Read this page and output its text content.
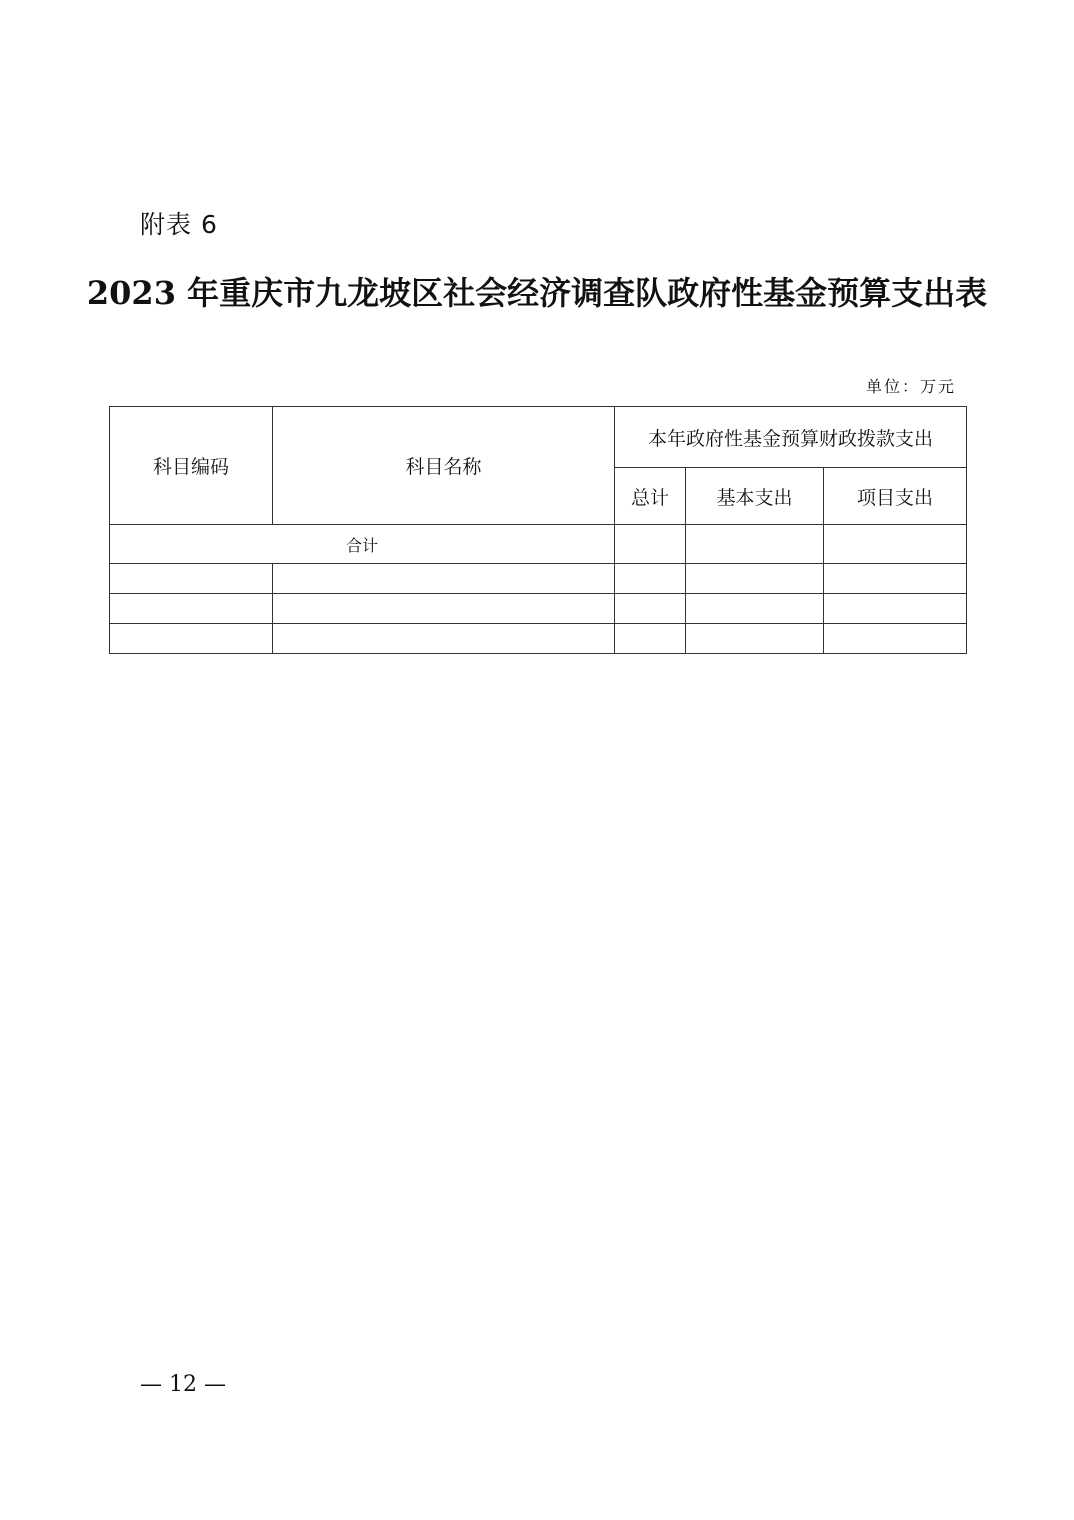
附表 6
2023 年重庆市九龙坡区社会经济调查队政府性基金预算支出表
单位：万元
科目编码	科目名称	本年政府性基金预算财政拨款支出		
		总计	基本支出	项目支出
合计				

— 12 —
